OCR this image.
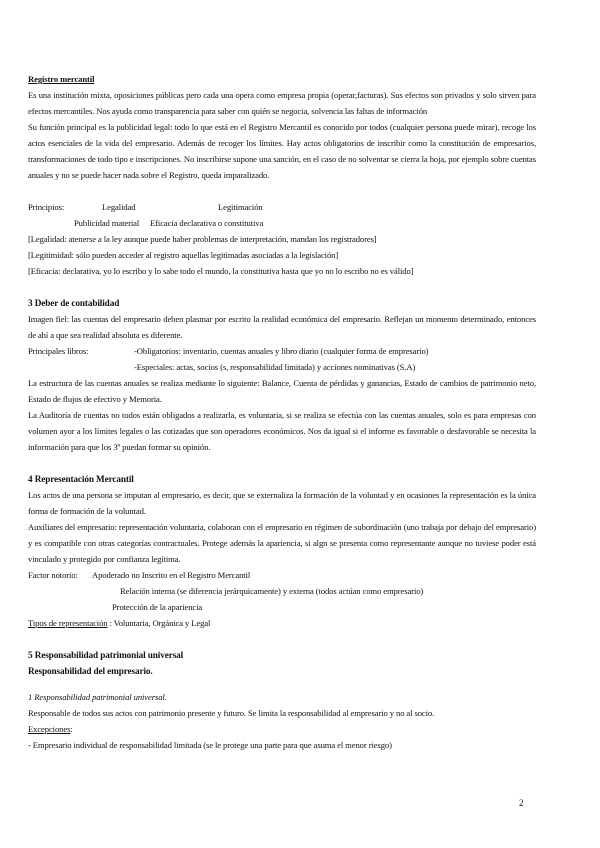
Registro mercantil

Es una institución mixta, oposiciones públicas pero cada una opera como empresa propia (operar,facturas). Sus efectos son privados y solo sirven para efectos mercantiles. Nos ayuda como transparencia para saber con quién se negocia, solvencia las faltas de información

Su función principal es la publicidad legal: todo lo que está en el Registro Mercantil es conocido por todos (cualquier persona puede mirar), recoge los actos esenciales de la vida del empresario. Además de recoger los límites. Hay actos obligatorios de inscribir como la constitución de empresarios, transformaciones de todo tipo e inscripciones. No inscribirse supone una sanción, en el caso de no solventar se cierra la hoja, por ejemplo sobre cuentas anuales y no se puede hacer nada sobre el Registro, queda imparalizado.

Principios:	Legalidad	Legitimación
Publicidad material	Eficacia declarativa o constitutiva

[Legalidad: atenerse a la ley aunque puede haber problemas de interpretación, mandan los registradores]

[Legitimidad: sólo pueden acceder al registro aquellas legitimadas asociadas a la legislación]

[Eficacia: declarativa, yo lo escribo y lo sabe todo el mundo, la constitutiva hasta que yo no lo escribo no es válido]

3 Deber de contabilidad

Imagen fiel: las cuentas del empresario deben plasmar por escrito la realidad económica del empresario. Reflejan un momento determinado, entonces de ahí a que sea realidad absoluta es diferente.

Principales libros:	-Obligatorios: inventario, cuentas anuales y libro diario (cualquier forma de empresario)
-Especiales: actas, socios (s, responsabilidad limitada) y acciones nominativas (S.A)

La estructura de las cuentas anuales se realiza mediante lo siguiente: Balance, Cuenta de pérdidas y ganancias, Estado de cambios de patrimonio neto, Estado de flujos de efectivo y Memoria.

La Auditoría de cuentas no todos están obligados a realizarla, es voluntaria, si se realiza se efectúa con las cuentas anuales, solo es para empresas con volumen ayor a los límites legales o las cotizadas que son operadores económicos. Nos da igual si el informe es favorable o desfavorable se necesita la información para que los 3º puedan formar su opinión.

4 Representación Mercantil

Los actos de una persona se imputan al empresario, es decir, que se externaliza la formación de la voluntad y en ocasiones la representación es la única forma de formación de la voluntad.

Auxiliares del empresario: representación voluntaria, colaboran con el empresario en régimen de subordinación (uno trabaja por debajo del empresario) y es compatible con otras categorías contractuales. Protege además la apariencia, si algn se presenta como representante aunque no tuviese poder está vinculado y protegido por confianza legítima.

Factor notorio:	Apoderado no Inscrito en el Registro Mercantil

Relación interna (se diferencia jerárquicamente) y externa (todos actúan como empresario)

Protección de la apariencia

Tipos de representación : Voluntaria, Orgánica y Legal

5 Responsabilidad patrimonial universal

Responsabilidad del empresario.

1 Responsabilidad patrimonial universal.

Responsable de todos sus actos con patrimonio presente y futuro. Se limita la responsabilidad al empresario y no al socio.

Excepciones:

- Empresario individual de responsabilidad limitada (se le protege una parte para que asuma el menor riesgo)

2
